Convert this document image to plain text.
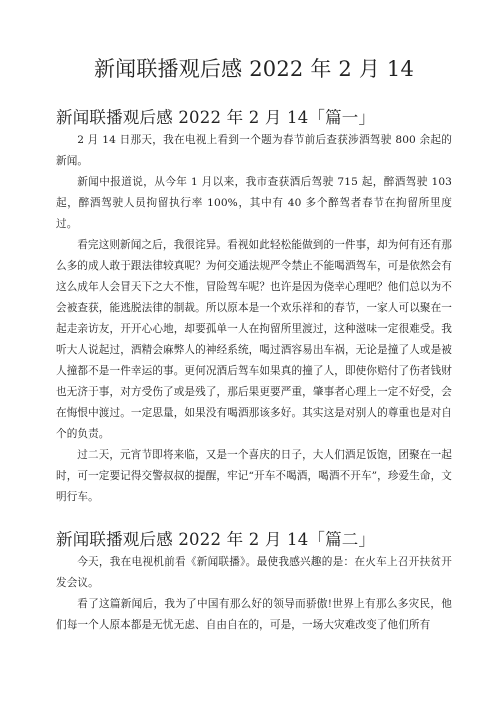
新闻联播观后感 2022 年 2 月 14
新闻联播观后感 2022 年 2 月 14「篇一」

2 月 14 日那天，我在电视上看到一个题为春节前后查获涉酒驾驶 800 余起的新闻。

新闻中报道说，从今年 1 月以来，我市查获酒后驾驶 715 起，醉酒驾驶 103 起，醉酒驾驶人员拘留执行率 100%，其中有 40 多个醉驾者春节在拘留所里度过。

看完这则新闻之后，我很诧异。看视如此轻松能做到的一件事，却为何有还有那么多的成人敢于跟法律较真呢？为何交通法规严令禁止不能喝酒驾车，可是依然会有这么成年人会冒天下之大不惟，冒险驾车呢？也许是因为侥幸心理吧？他们总以为不会被查获，能逃脱法律的制裁。所以原本是一个欢乐祥和的春节，一家人可以聚在一起走亲访友，开开心心地，却要孤单一人在拘留所里渡过，这种滋味一定很难受。我听大人说起过，酒精会麻弊人的神经系统，喝过酒容易出车祸，无论是撞了人或是被人撞都不是一件幸运的事。更何况酒后驾车如果真的撞了人，即使你赔付了伤者钱财也无济于事，对方受伤了或是残了，那后果更要严重，肇事者心理上一定不好受，会在悔恨中渡过。一定思量，如果没有喝酒那该多好。其实这是对别人的尊重也是对自个的负责。

过二天，元宵节即将来临，又是一个喜庆的日子，大人们酒足饭饱，团聚在一起时，可一定要记得交警叔叔的提醒，牢记“开车不喝酒，喝酒不开车”，珍爱生命，文明行车。

新闻联播观后感 2022 年 2 月 14「篇二」

今天，我在电视机前看《新闻联播》。最使我感兴趣的是：在火车上召开扶贫开发会议。

看了这篇新闻后，我为了中国有那么好的领导而骄傲!世界上有那么多灾民，他们每一个人原本都是无忧无虑、自由自在的，可是，一场大灾难改变了他们所有
